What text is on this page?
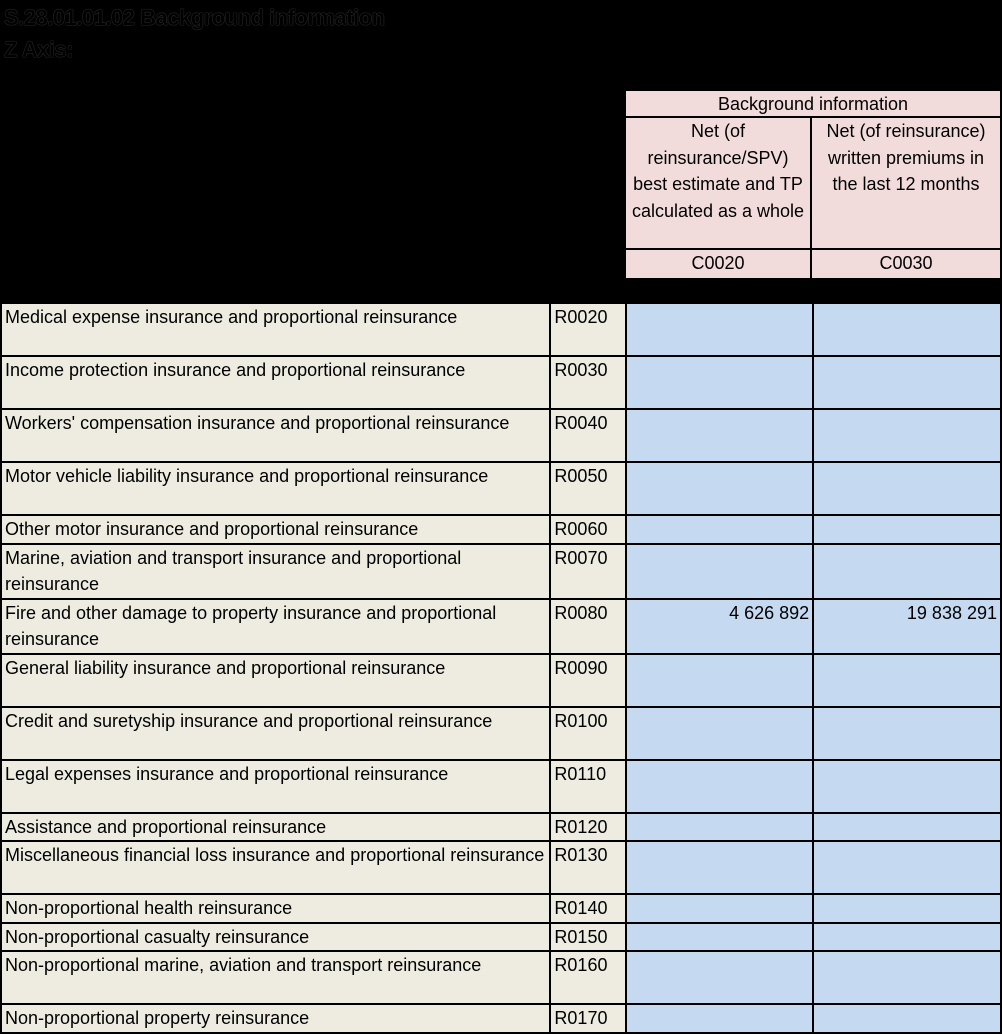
S.28.01.01.02 Background information
Z Axis:
Background information
Net (of reinsurance/SPV) best estimate and TP calculated as a whole
Net (of reinsurance) written premiums in the last 12 months
C0020	C0030
Medical expense insurance and proportional reinsurance	R0020		
Income protection insurance and proportional reinsurance	R0030		
Workers' compensation insurance and proportional reinsurance	R0040		
Motor vehicle liability insurance and proportional reinsurance	R0050		
Other motor insurance and proportional reinsurance	R0060		
Marine, aviation and transport insurance and proportional reinsurance	R0070		
Fire and other damage to property insurance and proportional reinsurance	R0080	4 626 892	19 838 291
General liability insurance and proportional reinsurance	R0090		
Credit and suretyship insurance and proportional reinsurance	R0100		
Legal expenses insurance and proportional reinsurance	R0110		
Assistance and proportional reinsurance	R0120		
Miscellaneous financial loss insurance and proportional reinsurance	R0130		
Non-proportional health reinsurance	R0140		
Non-proportional casualty reinsurance	R0150		
Non-proportional marine, aviation and transport reinsurance	R0160		
Non-proportional property reinsurance	R0170		
